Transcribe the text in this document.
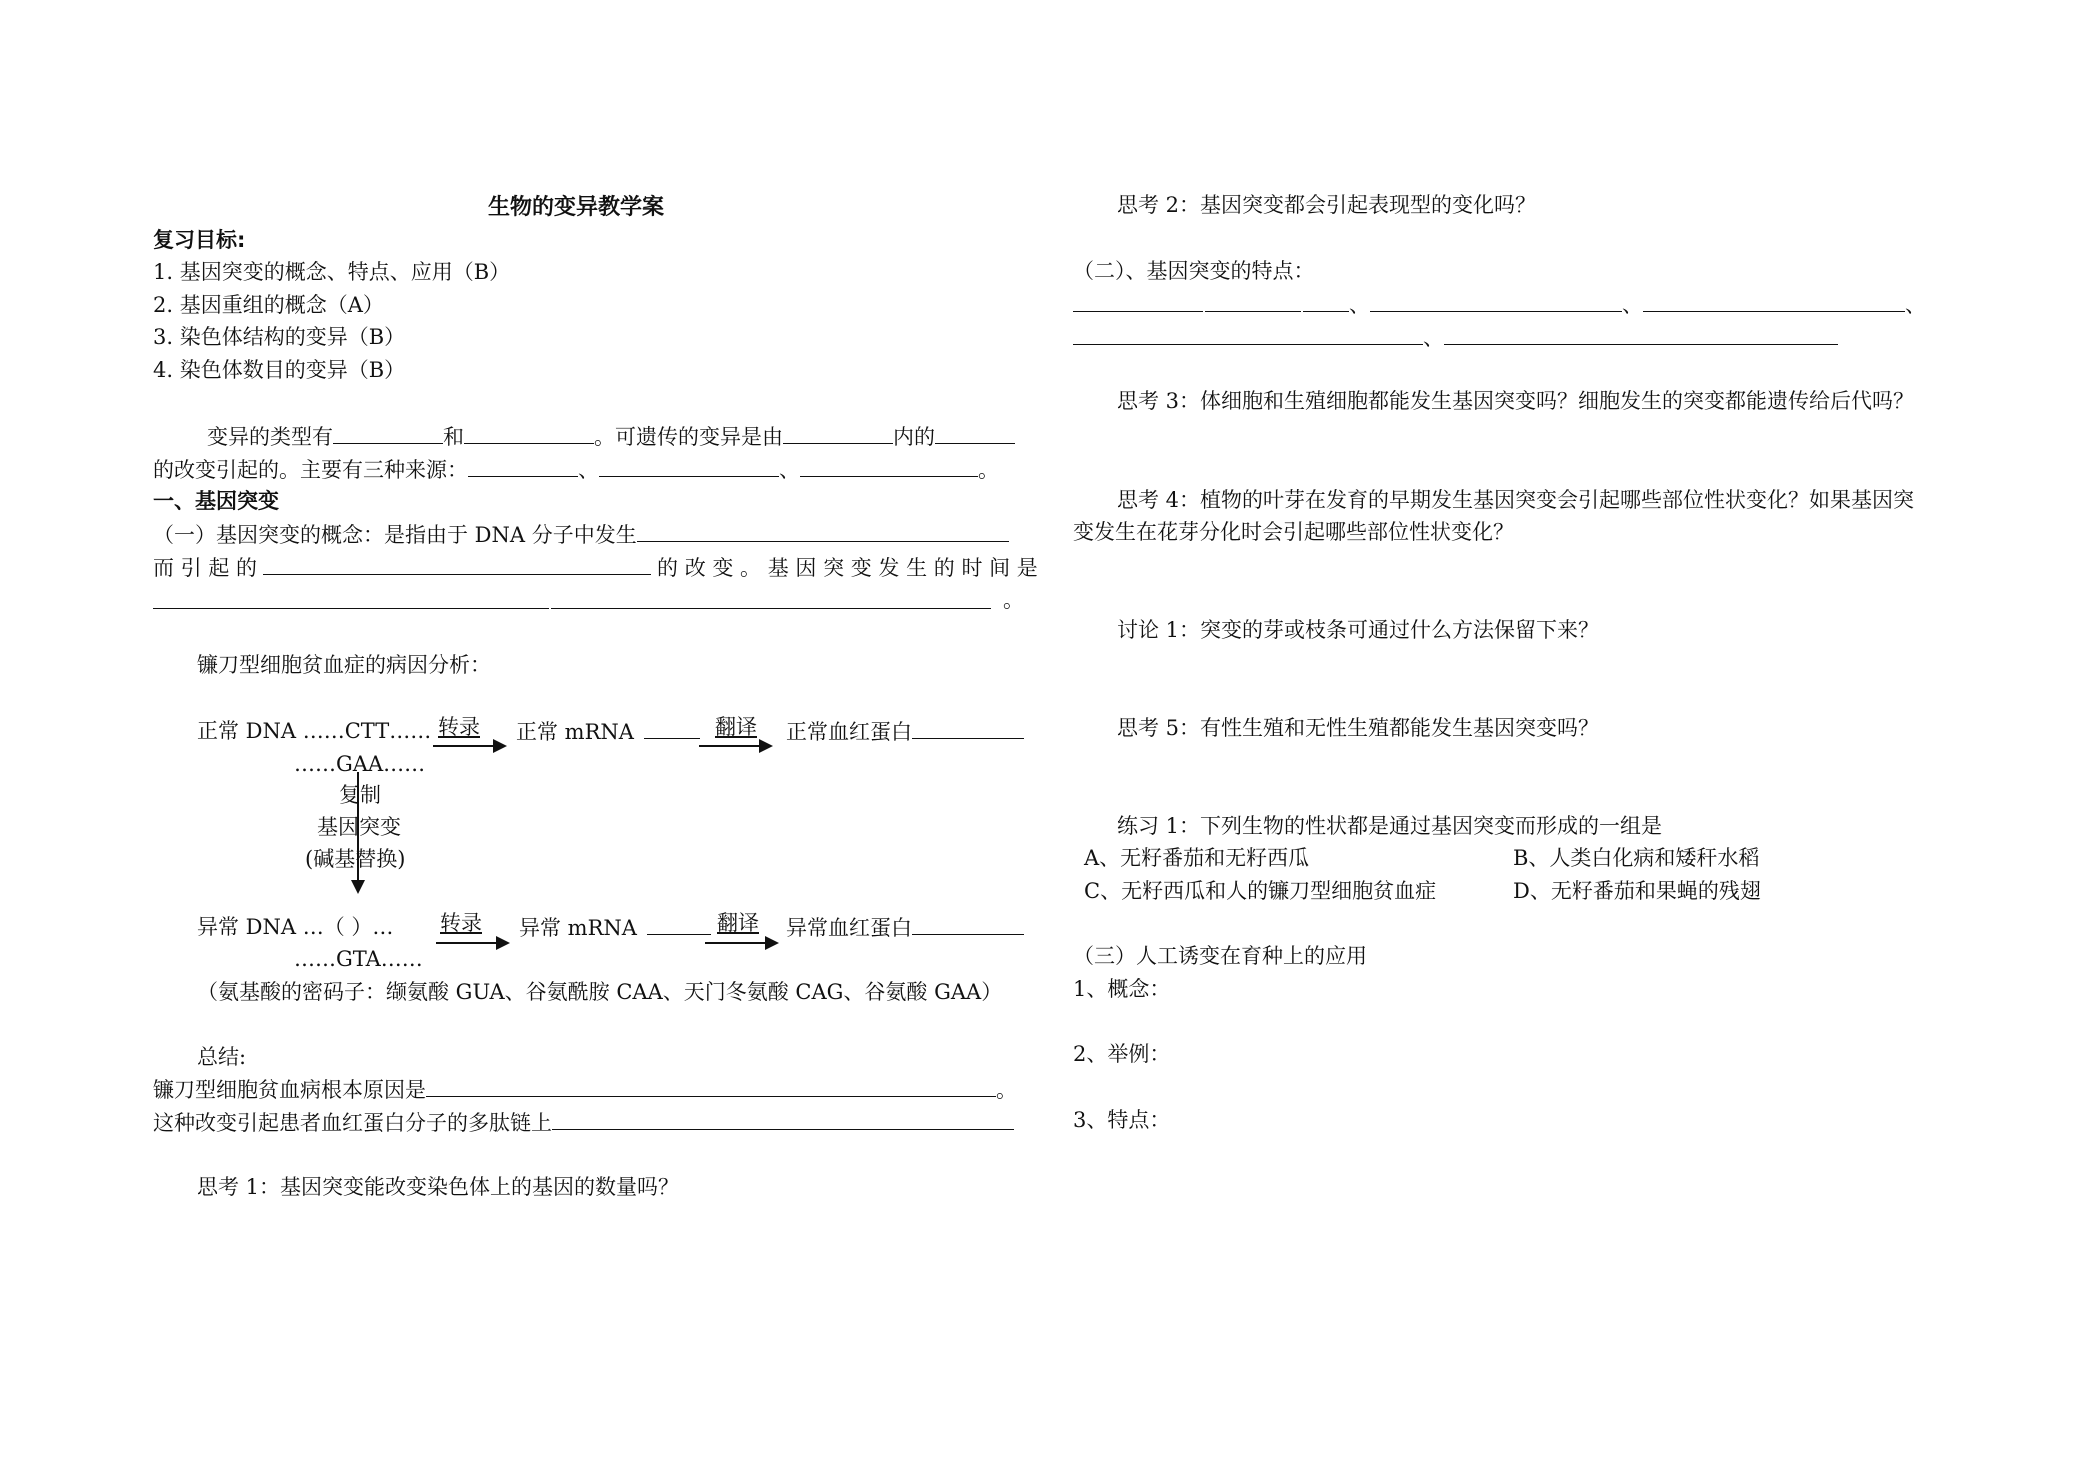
生物的变异教学案
复习目标:
1. 基因突变的概念、特点、应用（B）
2. 基因重组的概念（A）
3. 染色体结构的变异（B）
4. 染色体数目的变异（B）
变异的类型有	和	。可遗传的变异是由	内的
的改变引起的。主要有三种来源：	、	、	。
一、基因突变
（一）基因突变的概念：是指由于 DNA 分子中发生
而 引 起 的	的 改 变 。 基 因 突 变 发 生 的 时 间 是
。
镰刀型细胞贫血症的病因分析：
正常 DNA ……CTT…… 转录 正常 mRNA	翻译 正常血红蛋白
……GAA……
复制
基因突变
(碱基替换)
异常 DNA …（ ）… 转录 异常 mRNA	翻译 异常血红蛋白
……GTA……
（氨基酸的密码子：缬氨酸 GUA、谷氨酰胺 CAA、天门冬氨酸 CAG、谷氨酸 GAA）
总结:
镰刀型细胞贫血病根本原因是	。
这种改变引起患者血红蛋白分子的多肽链上
思考 1：基因突变能改变染色体上的基因的数量吗？
思考 2：基因突变都会引起表现型的变化吗？
（二）、基因突变的特点：
、	、	、
、
思考 3：体细胞和生殖细胞都能发生基因突变吗？细胞发生的突变都能遗传给后代吗？
思考 4：植物的叶芽在发育的早期发生基因突变会引起哪些部位性状变化？如果基因突
变发生在花芽分化时会引起哪些部位性状变化？
讨论 1：突变的芽或枝条可通过什么方法保留下来？
思考 5：有性生殖和无性生殖都能发生基因突变吗？
练习 1：下列生物的性状都是通过基因突变而形成的一组是
A、无籽番茄和无籽西瓜	B、人类白化病和矮秆水稻
C、无籽西瓜和人的镰刀型细胞贫血症	D、无籽番茄和果蝇的残翅
（三）人工诱变在育种上的应用
1、概念：
2、举例：
3、特点：
